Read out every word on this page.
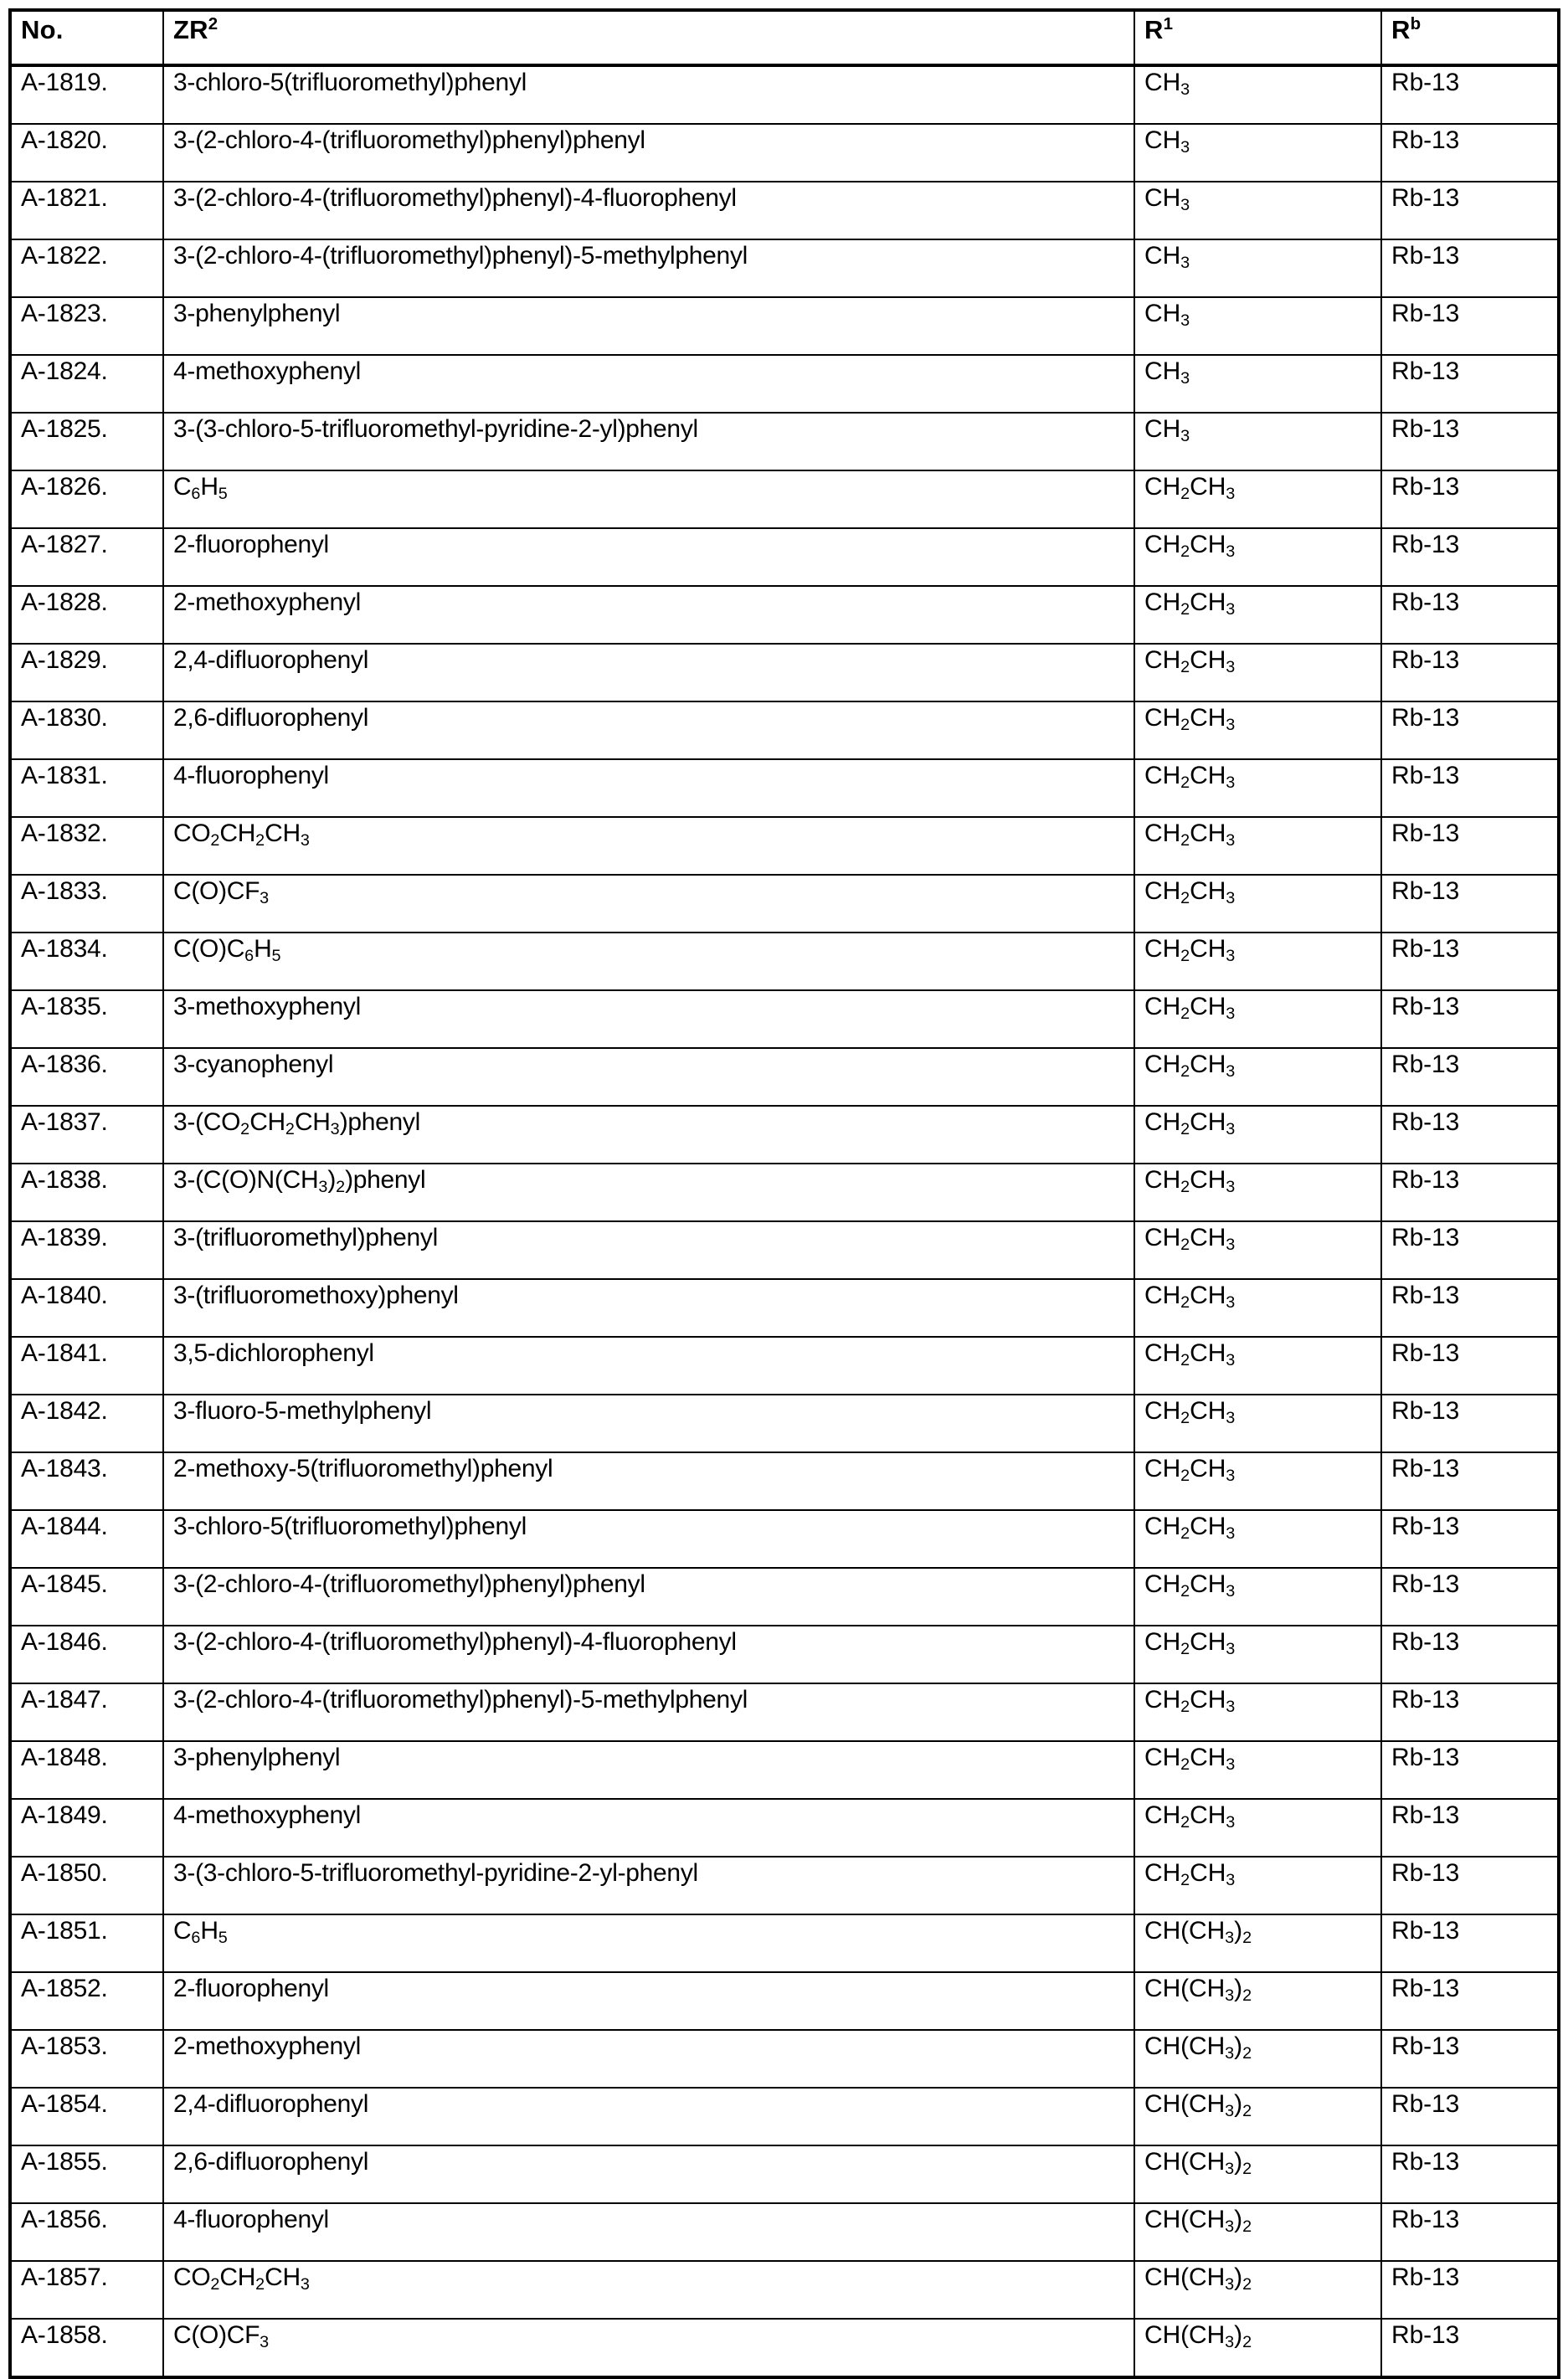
No.	$ZR^2$	$R^1$	$R^b$
A-1819.	3-chloro-5(trifluoromethyl)phenyl	$CH_3$	Rb-13
A-1820.	3-(2-chloro-4-(trifluoromethyl)phenyl)phenyl	$CH_3$	Rb-13
A-1821.	3-(2-chloro-4-(trifluoromethyl)phenyl)-4-fluorophenyl	$CH_3$	Rb-13
A-1822.	3-(2-chloro-4-(trifluoromethyl)phenyl)-5-methylphenyl	$CH_3$	Rb-13
A-1823.	3-phenylphenyl	$CH_3$	Rb-13
A-1824.	4-methoxyphenyl	$CH_3$	Rb-13
A-1825.	3-(3-chloro-5-trifluoromethyl-pyridine-2-yl)phenyl	$CH_3$	Rb-13
A-1826.	$C_6H_5$	$CH_2CH_3$	Rb-13
A-1827.	2-fluorophenyl	$CH_2CH_3$	Rb-13
A-1828.	2-methoxyphenyl	$CH_2CH_3$	Rb-13
A-1829.	2,4-difluorophenyl	$CH_2CH_3$	Rb-13
A-1830.	2,6-difluorophenyl	$CH_2CH_3$	Rb-13
A-1831.	4-fluorophenyl	$CH_2CH_3$	Rb-13
A-1832.	$CO_2CH_2CH_3$	$CH_2CH_3$	Rb-13
A-1833.	$C(O)CF_3$	$CH_2CH_3$	Rb-13
A-1834.	$C(O)C_6H_5$	$CH_2CH_3$	Rb-13
A-1835.	3-methoxyphenyl	$CH_2CH_3$	Rb-13
A-1836.	3-cyanophenyl	$CH_2CH_3$	Rb-13
A-1837.	$3-(CO_2CH_2CH_3)phenyl$	$CH_2CH_3$	Rb-13
A-1838.	$3-(C(O)N(CH_3)_2)phenyl$	$CH_2CH_3$	Rb-13
A-1839.	3-(trifluoromethyl)phenyl	$CH_2CH_3$	Rb-13
A-1840.	3-(trifluoromethoxy)phenyl	$CH_2CH_3$	Rb-13
A-1841.	3,5-dichlorophenyl	$CH_2CH_3$	Rb-13
A-1842.	3-fluoro-5-methylphenyl	$CH_2CH_3$	Rb-13
A-1843.	2-methoxy-5(trifluoromethyl)phenyl	$CH_2CH_3$	Rb-13
A-1844.	3-chloro-5(trifluoromethyl)phenyl	$CH_2CH_3$	Rb-13
A-1845.	3-(2-chloro-4-(trifluoromethyl)phenyl)phenyl	$CH_2CH_3$	Rb-13
A-1846.	3-(2-chloro-4-(trifluoromethyl)phenyl)-4-fluorophenyl	$CH_2CH_3$	Rb-13
A-1847.	3-(2-chloro-4-(trifluoromethyl)phenyl)-5-methylphenyl	$CH_2CH_3$	Rb-13
A-1848.	3-phenylphenyl	$CH_2CH_3$	Rb-13
A-1849.	4-methoxyphenyl	$CH_2CH_3$	Rb-13
A-1850.	3-(3-chloro-5-trifluoromethyl-pyridine-2-yl-phenyl	$CH_2CH_3$	Rb-13
A-1851.	$C_6H_5$	$CH(CH_3)_2$	Rb-13
A-1852.	2-fluorophenyl	$CH(CH_3)_2$	Rb-13
A-1853.	2-methoxyphenyl	$CH(CH_3)_2$	Rb-13
A-1854.	2,4-difluorophenyl	$CH(CH_3)_2$	Rb-13
A-1855.	2,6-difluorophenyl	$CH(CH_3)_2$	Rb-13
A-1856.	4-fluorophenyl	$CH(CH_3)_2$	Rb-13
A-1857.	$CO_2CH_2CH_3$	$CH(CH_3)_2$	Rb-13
A-1858.	$C(O)CF_3$	$CH(CH_3)_2$	Rb-13
